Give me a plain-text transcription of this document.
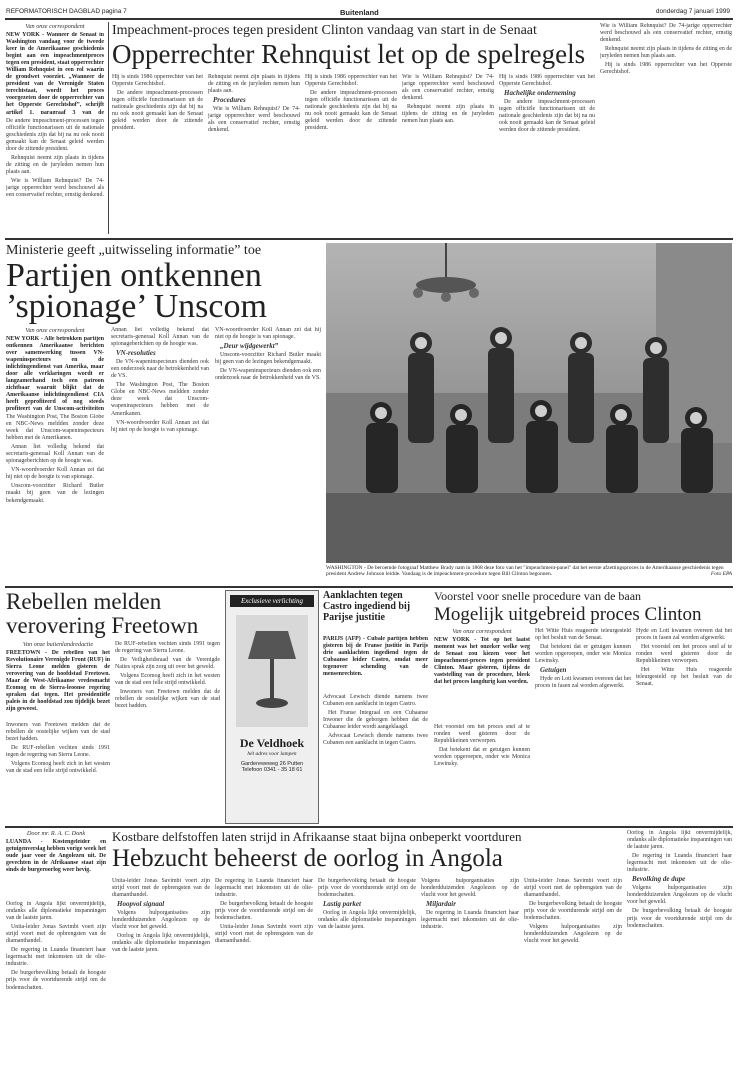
REFORMATORISCH DAGBLAD pagina 7	Buitenland	donderdag 7 januari 1999
Van onze correspondent
NEW YORK - Wanneer de Senaat in Washington vandaag voor de tweede keer in de Amerikaanse geschiedenis begint aan een impeachmentproces tegen een president, staat opperrechter William Rehnquist in een rol waarin de grondwet voorziet. „Wanneer de president van de Verenigde Staten terechtstaat, wordt het proces voorgezeten door de opperrechter van het Opperste Gerechtshof”, schrijft artikel 1, paragraaf 3 van de

De andere impeachment-processen tegen officiële functionarissen uit de nationale geschiedenis zijn dat bij na nu ook nooit gemaakt kan de Senaat geleid werden door de zittende president.

Rehnquist neemt zijn plaats in tijdens de zitting en de juryleden nemen hun plaats aan.

Wie is William Rehnquist? De 74-jarige opperrechter werd beschouwd als een conservatief rechter, ernstig denkend.

Impeachment-proces tegen president Clinton vandaag van start in de Senaat
Opperrechter Rehnquist let op de spelregels

Hij is sinds 1986 opperrechter van het Opperste Gerechtshof.

De andere impeachment-processen tegen officiële functionarissen uit de nationale geschiedenis zijn dat bij na nu ook nooit gemaakt kan de Senaat geleid werden door de zittende president.

Rehnquist neemt zijn plaats in tijdens de zitting en de juryleden nemen hun plaats aan.

Procedures

Wie is William Rehnquist? De 74-jarige opperrechter werd beschouwd als een conservatief rechter, ernstig denkend.

Hij is sinds 1986 opperrechter van het Opperste Gerechtshof.

De andere impeachment-processen tegen officiële functionarissen uit de nationale geschiedenis zijn dat bij na nu ook nooit gemaakt kan de Senaat geleid werden door de zittende president.

Wie is William Rehnquist? De 74-jarige opperrechter werd beschouwd als een conservatief rechter, ernstig denkend.

Rehnquist neemt zijn plaats in tijdens de zitting en de juryleden nemen hun plaats aan.

Hij is sinds 1986 opperrechter van het Opperste Gerechtshof.

Hachelijke onderneming

De andere impeachment-processen tegen officiële functionarissen uit de nationale geschiedenis zijn dat bij na nu ook nooit gemaakt kan de Senaat geleid werden door de zittende president.

Wie is William Rehnquist? De 74-jarige opperrechter werd beschouwd als een conservatief rechter, ernstig denkend.

Rehnquist neemt zijn plaats in tijdens de zitting en de juryleden nemen hun plaats aan.

Hij is sinds 1986 opperrechter van het Opperste Gerechtshof.

Ministerie geeft „uitwisseling informatie” toe
Partijen ontkennen ’spionage’ Unscom
Van onze correspondent
NEW YORK - Alle betrokken partijen ontkennen Amerikaanse berichten over samenwerking tussen VN-wapeninspecteurs en de inlichtingendienst van Amerika, maar door alle verklaringen wordt er langzamerhand toch een patroon zichtbaar waaruit blijkt dat de Amerikaanse inlichtingendienst CIA heeft geprofiteerd of nog steeds profiteert van de Unscom-activiteiten

The Washington Post, The Boston Globe en NBC-News meldden zonder deze week dat Unscom-wapeninspecteurs hebben met de Amerikanen.

Annan liet volledig bekend dat secretaris-generaal Koll Annan van de spionageberichten op de hoogte was.

VN-woordvoerder Koll Annan zei dat hij niet op de hoogte is van spionage.

Unscom-voorzitter Richard Butler maakt bij geen van de lezingen bekendgemaakt.

Annan liet volledig bekend dat secretaris-generaal Koll Annan van de spionageberichten op de hoogte was.

VN-resoluties

De VN-wapeninspecteurs dienden ook een onderzoek naar de betrokkenheid van de VS.

The Washington Post, The Boston Globe en NBC-News meldden zonder deze week dat Unscom-wapeninspecteurs hebben met de Amerikanen.

VN-woordvoerder Koll Annan zei dat hij niet op de hoogte is van spionage.

VN-woordvoerder Koll Annan zei dat hij niet op de hoogte is van spionage.

„Deur wijdgewerkt”

Unscom-voorzitter Richard Butler maakt bij geen van de lezingen bekendgemaakt.

De VN-wapeninspecteurs dienden ook een onderzoek naar de betrokkenheid van de VS.

WASHINGTON - De beroemde fotograaf Matthew Brady nam in 1868 deze foto van het "impeachment-panel" dat het eerste afzettingsproces in de Amerikaanse geschiedenis tegen president Andrew Johnson leidde. Vandaag is de impeachment-procedure tegen Bill Clinton begonnen.	Foto EPA
Rebellen melden verovering Freetown
Van onze buitenlandredactie
FREETOWN - De rebellen van het Revolutionaire Verenigde Front (RUF) in Sierra Leone melden gisteren de verovering van de hoofdstad Freetown. Maar de West-Afrikaanse vredesmacht Ecomog en de Sierra-leoonse regering spraken dat tegen. Het presidentiële paleis in de hoofdstad zou tijdelijk bezet zijn geweest.

Inwoners van Freetown melden dat de rebellen de oostelijke wijken van de stad bezet hadden.

De RUF-rebellen vechten sinds 1991 tegen de regering van Sierra Leone.

Volgens Ecomog heeft zich in het westen van de stad een felle strijd ontwikkeld.

De RUF-rebellen vechten sinds 1991 tegen de regering van Sierra Leone.

De Veiligheidsraad van de Verenigde Naties sprak zijn zorg uit over het geweld.

Volgens Ecomog heeft zich in het westen van de stad een felle strijd ontwikkeld.

Inwoners van Freetown melden dat de rebellen de oostelijke wijken van de stad bezet hadden.

Exclusieve verlichting
De Veldhoek
hét adres voor lampen
Gardereweweg 26 Putten
Telefoon 0341 - 35 18 61
Aanklachten tegen Castro ingediend bij Parijse justitie
PARIJS (AFP) - Cubale partijen hebben gisteren bij de Franse justitie in Parijs drie aanklachten ingediend tegen de Cubaanse leider Castro, omdat meer tegenover schending van de mensenrechten.

Advocaat Lewisch diende namens twee Cubanen een aanklacht in tegen Castro.

Het Franse Integraal en een Cubaanse Inwoner die de geborgen hebben dat de Cubaanse leider wordt aangeklaagd.

Advocaat Lewisch diende namens twee Cubanen een aanklacht in tegen Castro.

Voorstel voor snelle procedure van de baan
Mogelijk uitgebreid proces Clinton
Van onze correspondent
NEW YORK - Tot op het laatst moment was het onzeker welke weg de Senaat zou kiezen voor het impeachment-proces tegen president Clinton. Maar gisteren, tijdens de vaststelling van de procedure, bleek dat het proces langdurig kan worden.

Het voorstel om het proces snel af te ronden werd gisteren door de Republikeinen verworpen.

Dat betekent dat er getuigen kunnen worden opgeroepen, onder wie Monica Lewinsky.

Het Witte Huis reageerde teleurgesteld op het besluit van de Senaat.

Dat betekent dat er getuigen kunnen worden opgeroepen, onder wie Monica Lewinsky.

Getuigen

Hyde en Lott kwamen overeen dat het proces in fasen zal worden afgewerkt.

Hyde en Lott kwamen overeen dat het proces in fasen zal worden afgewerkt.

Het voorstel om het proces snel af te ronden werd gisteren door de Republikeinen verworpen.

Het Witte Huis reageerde teleurgesteld op het besluit van de Senaat.

Door mr. R. A. C. Donk
LUANDA - Kostengeleider en getuigenverslag hebben vorige week het oude jaar voor de Angolezen uit. De gevechten in de Afrikaanse staat zijn sinds de burgeroorlog weer hevig.

Oorlog in Angola lijkt onvermijdelijk, ondanks alle diplomatieke inspanningen van de laatste jaren.

Unita-leider Jonas Savimbi voert zijn strijd voort met de opbrengsten van de diamanthandel.

De regering in Luanda financiert haar legermacht met inkomsten uit de olie-industrie.

De burgerbevolking betaalt de hoogste prijs voor de voortdurende strijd om de bodemschatten.

Kostbare delfstoffen laten strijd in Afrikaanse staat bijna onbeperkt voortduren
Hebzucht beheerst de oorlog in Angola

Unita-leider Jonas Savimbi voert zijn strijd voort met de opbrengsten van de diamanthandel.

Hoopvol signaal

Volgens hulporganisaties zijn honderdduizenden Angolezen op de vlucht voor het geweld.

Oorlog in Angola lijkt onvermijdelijk, ondanks alle diplomatieke inspanningen van de laatste jaren.

De regering in Luanda financiert haar legermacht met inkomsten uit de olie-industrie.

De burgerbevolking betaalt de hoogste prijs voor de voortdurende strijd om de bodemschatten.

Unita-leider Jonas Savimbi voert zijn strijd voort met de opbrengsten van de diamanthandel.

De burgerbevolking betaalt de hoogste prijs voor de voortdurende strijd om de bodemschatten.

Lastig parket

Oorlog in Angola lijkt onvermijdelijk, ondanks alle diplomatieke inspanningen van de laatste jaren.

Volgens hulporganisaties zijn honderdduizenden Angolezen op de vlucht voor het geweld.

Miljardair

De regering in Luanda financiert haar legermacht met inkomsten uit de olie-industrie.

Unita-leider Jonas Savimbi voert zijn strijd voort met de opbrengsten van de diamanthandel.

De burgerbevolking betaalt de hoogste prijs voor de voortdurende strijd om de bodemschatten.

Volgens hulporganisaties zijn honderdduizenden Angolezen op de vlucht voor het geweld.

Oorlog in Angola lijkt onvermijdelijk, ondanks alle diplomatieke inspanningen van de laatste jaren.

De regering in Luanda financiert haar legermacht met inkomsten uit de olie-industrie.

Bevolking de dupe

Volgens hulporganisaties zijn honderdduizenden Angolezen op de vlucht voor het geweld.

De burgerbevolking betaalt de hoogste prijs voor de voortdurende strijd om de bodemschatten.
